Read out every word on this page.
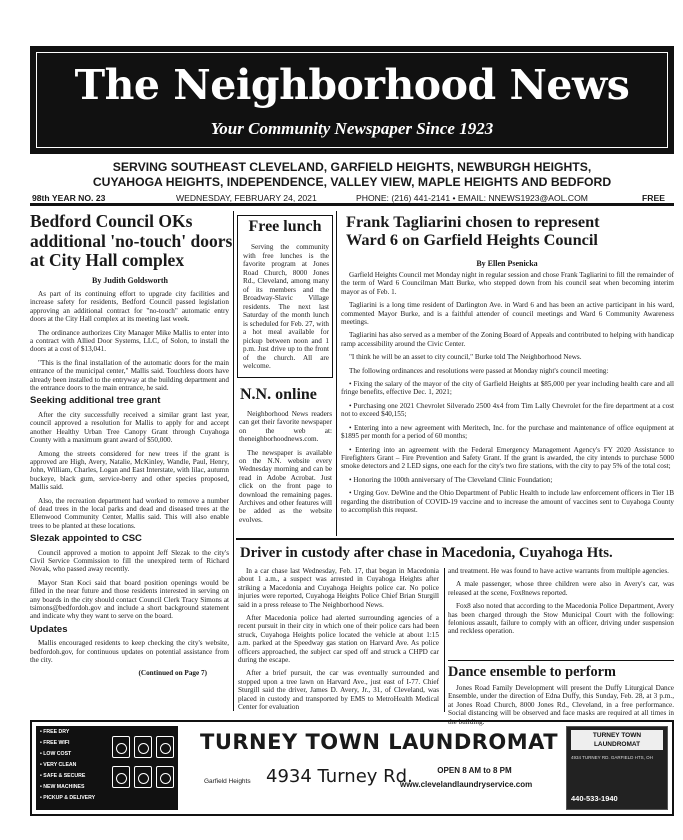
The Neighborhood News
Your Community Newspaper Since 1923
SERVING SOUTHEAST CLEVELAND, GARFIELD HEIGHTS, NEWBURGH HEIGHTS,
CUYAHOGA HEIGHTS, INDEPENDENCE, VALLEY VIEW, MAPLE HEIGHTS AND BEDFORD
98th YEAR NO. 23	WEDNESDAY, FEBRUARY 24, 2021	PHONE: (216) 441-2141 • EMAIL: NNEWS1923@AOL.COM	FREE
Bedford Council OKs
additional 'no-touch' doors
at City Hall complex
By Judith Goldsworth

As part of its continuing effort to upgrade city facilities and increase safety for residents, Bedford Council passed legislation approving an additional contract for "no-touch" automatic entry doors at the City Hall complex at its meeting last week.

The ordinance authorizes City Manager Mike Mallis to enter into a contract with Allied Door Systems, LLC, of Solon, to install the doors at a cost of $13,041.

"This is the final installation of the automatic doors for the main entrance of the municipal center," Mallis said. Touchless doors have already been installed to the entryway at the building department and the entrance doors to the main entrance, he said.

Seeking additional tree grant

After the city successfully received a similar grant last year, council approved a resolution for Mallis to apply for and accept another Healthy Urban Tree Canopy Grant through Cuyahoga County with a maximum grant award of $50,000.

Among the streets considered for new trees if the grant is approved are High, Avery, Natalie, McKinley, Wandle, Paul, Henry, John, William, Charles, Logan and East Interstate, with lilac, autumn buckeye, black gum, service-berry and other species proposed, Mallis said.

Also, the recreation department had worked to remove a number of dead trees in the local parks and dead and diseased trees at the Ellenwood Community Center, Mallis said. This will also enable trees to be planted at these locations.

Slezak appointed to CSC

Council approved a motion to appoint Jeff Slezak to the city's Civil Service Commission to fill the unexpired term of Richard Novak, who passed away recently.

Mayor Stan Koci said that board position openings would be filled in the near future and those residents interested in serving on any boards in the city should contact Council Clerk Tracy Simons at tsimons@bedfordoh.gov and include a short background statement and indicate why they want to serve on the board.

Updates

Mallis encouraged residents to keep checking the city's website, bedfordoh.gov, for continuous updates on potential assistance from the city.

(Continued on Page 7)
Free lunch

Serving the community with free lunches is the favorite program at Jones Road Church, 8000 Jones Rd., Cleveland, among many of its members and the Broadway-Slavic Village residents. The next last Saturday of the month lunch is scheduled for Feb. 27, with a hot meal available for pickup between noon and 1 p.m. Just drive up to the front of the church. All are welcome.

N.N. online

Neighborhood News readers can get their favorite newspaper on the web at: theneighborhoodnews.com.

The newspaper is available on the N.N. website every Wednesday morning and can be read in Adobe Acrobat. Just click on the front page to download the remaining pages. Archives and other features will be added as the website evolves.

Frank Tagliarini chosen to represent
Ward 6 on Garfield Heights Council
By Ellen Psenicka

Garfield Heights Council met Monday night in regular session and chose Frank Tagliarini to fill the remainder of the term of Ward 6 Councilman Matt Burke, who stepped down from his council seat when becoming interim mayor as of Feb. 1.

Tagliarini is a long time resident of Darlington Ave. in Ward 6 and has been an active participant in his ward, commented Mayor Burke, and is a faithful attender of council meetings and Ward 6 Community Awareness meetings.

Tagliarini has also served as a member of the Zoning Board of Appeals and contributed to helping with handicap ramp accessibility around the Civic Center.

"I think he will be an asset to city council," Burke told The Neighborhood News.

The following ordinances and resolutions were passed at Monday night's council meeting:

• Fixing the salary of the mayor of the city of Garfield Heights at $85,000 per year including health care and all fringe benefits, effective Dec. 1, 2021;
• Purchasing one 2021 Chevrolet Silverado 2500 4x4 from Tim Lally Chevrolet for the fire department at a cost not to exceed $40,155;
• Entering into a new agreement with Meritech, Inc. for the purchase and maintenance of office equipment at $1895 per month for a period of 60 months;
• Entering into an agreement with the Federal Emergency Management Agency's FY 2020 Assistance to Firefighters Grant – Fire Prevention and Safety Grant. If the grant is awarded, the city intends to purchase 5000 smoke detectors and 2 LED signs, one each for the city's two fire stations, with the city to pay 5% of the total cost;
• Honoring the 100th anniversary of The Cleveland Clinic Foundation;
• Urging Gov. DeWine and the Ohio Department of Public Health to include law enforcement officers in Tier 1B regarding the distribution of COVID-19 vaccine and to increase the amount of vaccines sent to Cuyahoga County to accomplish this request.
Driver in custody after chase in Macedonia, Cuyahoga Hts.

In a car chase last Wednesday, Feb. 17, that began in Macedonia about 1 a.m., a suspect was arrested in Cuyahoga Heights after striking a Macedonia and Cuyahoga Heights police car. No police injuries were reported, Cuyahoga Heights Police Chief Brian Sturgill said in a press release to The Neighborhood News.

After Macedonia police had alerted surrounding agencies of a recent pursuit in their city in which one of their police cars had been struck, Cuyahoga Heights police located the vehicle at about 1:15 a.m. parked at the Speedway gas station on Harvard Ave. As police officers approached, the subject car sped off and struck a CHPD car during the escape.

After a brief pursuit, the car was eventually surrounded and stopped upon a tree lawn on Harvard Ave., just east of I-77. Chief Sturgill said the driver, James D. Avery, Jr., 31, of Cleveland, was placed in custody and transported by EMS to MetroHealth Medical Center for evaluation

and treatment. He was found to have active warrants from multiple agencies.

A male passenger, whose three children were also in Avery's car, was released at the scene, Fox8news reported.

Fox8 also noted that according to the Macedonia Police Department, Avery has been charged through the Stow Municipal Court with the following: felonious assault, failure to comply with an officer, driving under suspension and reckless operation.

Dance ensemble to perform

Jones Road Family Development will present the Duffy Liturgical Dance Ensemble, under the direction of Edna Duffy, this Sunday, Feb. 28, at 3 p.m., at Jones Road Church, 8000 Jones Rd., Cleveland, in a free performance. Social distancing will be observed and face masks are required at all times in the building.

• FREE DRY
• FREE WIFI
• LOW COST
• VERY CLEAN
• SAFE & SECURE
• NEW MACHINES
• PICKUP & DELIVERY
TURNEY TOWN LAUNDROMAT
Garfield Heights 4934 Turney Rd.	OPEN 8 AM to 8 PM
www.clevelandlaundryservice.com
TURNEY TOWN LAUNDROMAT
4934 TURNEY RD. GARFIELD HTS, OH
440-533-1940
